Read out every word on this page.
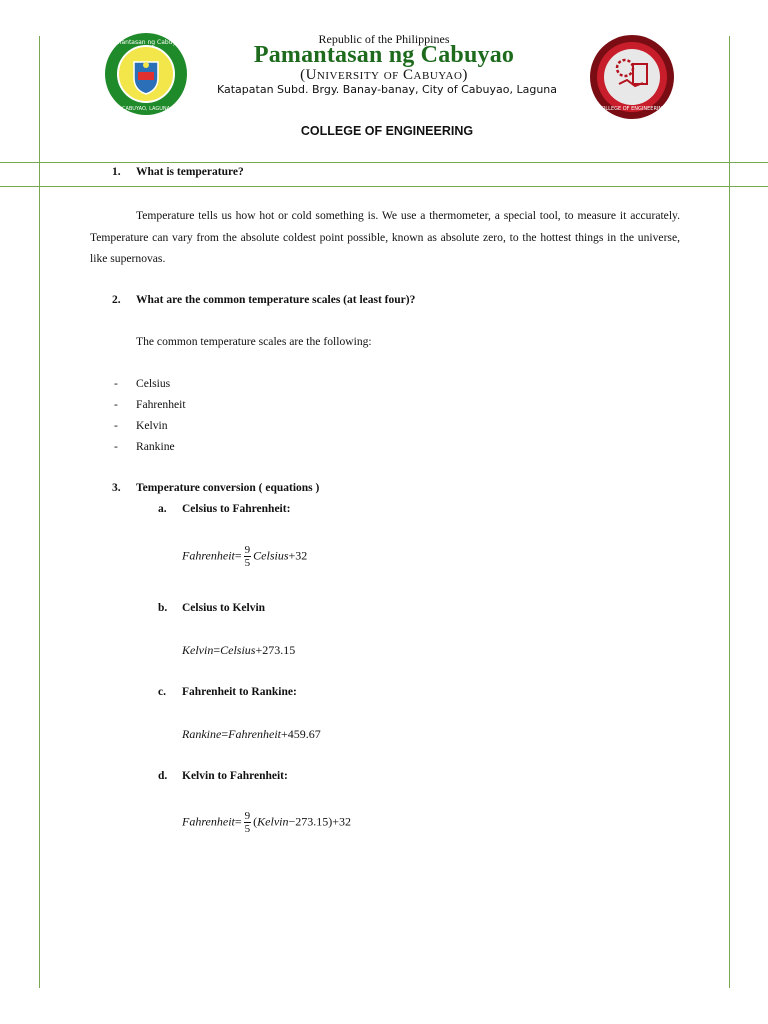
Pamantasan ng Cabuyao
CABUYAO, LAGUNA	COLLEGE OF ENGINEERING
Republic of the Philippines
Pamantasan ng Cabuyao
(University of Cabuyao)
Katapatan Subd. Brgy. Banay-banay, City of Cabuyao, Laguna
COLLEGE OF ENGINEERING
1. What is temperature?

Temperature tells us how hot or cold something is. We use a thermometer, a special tool, to measure it accurately. Temperature can vary from the absolute coldest point possible, known as absolute zero, to the hottest things in the universe, like supernovas.

2. What are the common temperature scales (at least four)?
The common temperature scales are the following:
- Celsius
- Fahrenheit
- Kelvin
- Rankine
3. Temperature conversion ( equations )
a. Celsius to Fahrenheit:
Fahrenheit= $\frac{9}{5}$ Celsius+32
b. Celsius to Kelvin
Kelvin=Celsius+273.15
c. Fahrenheit to Rankine:
Rankine=Fahrenheit+459.67
d. Kelvin to Fahrenheit:
Fahrenheit= $\frac{9}{5}$ (Kelvin−273.15)+32
